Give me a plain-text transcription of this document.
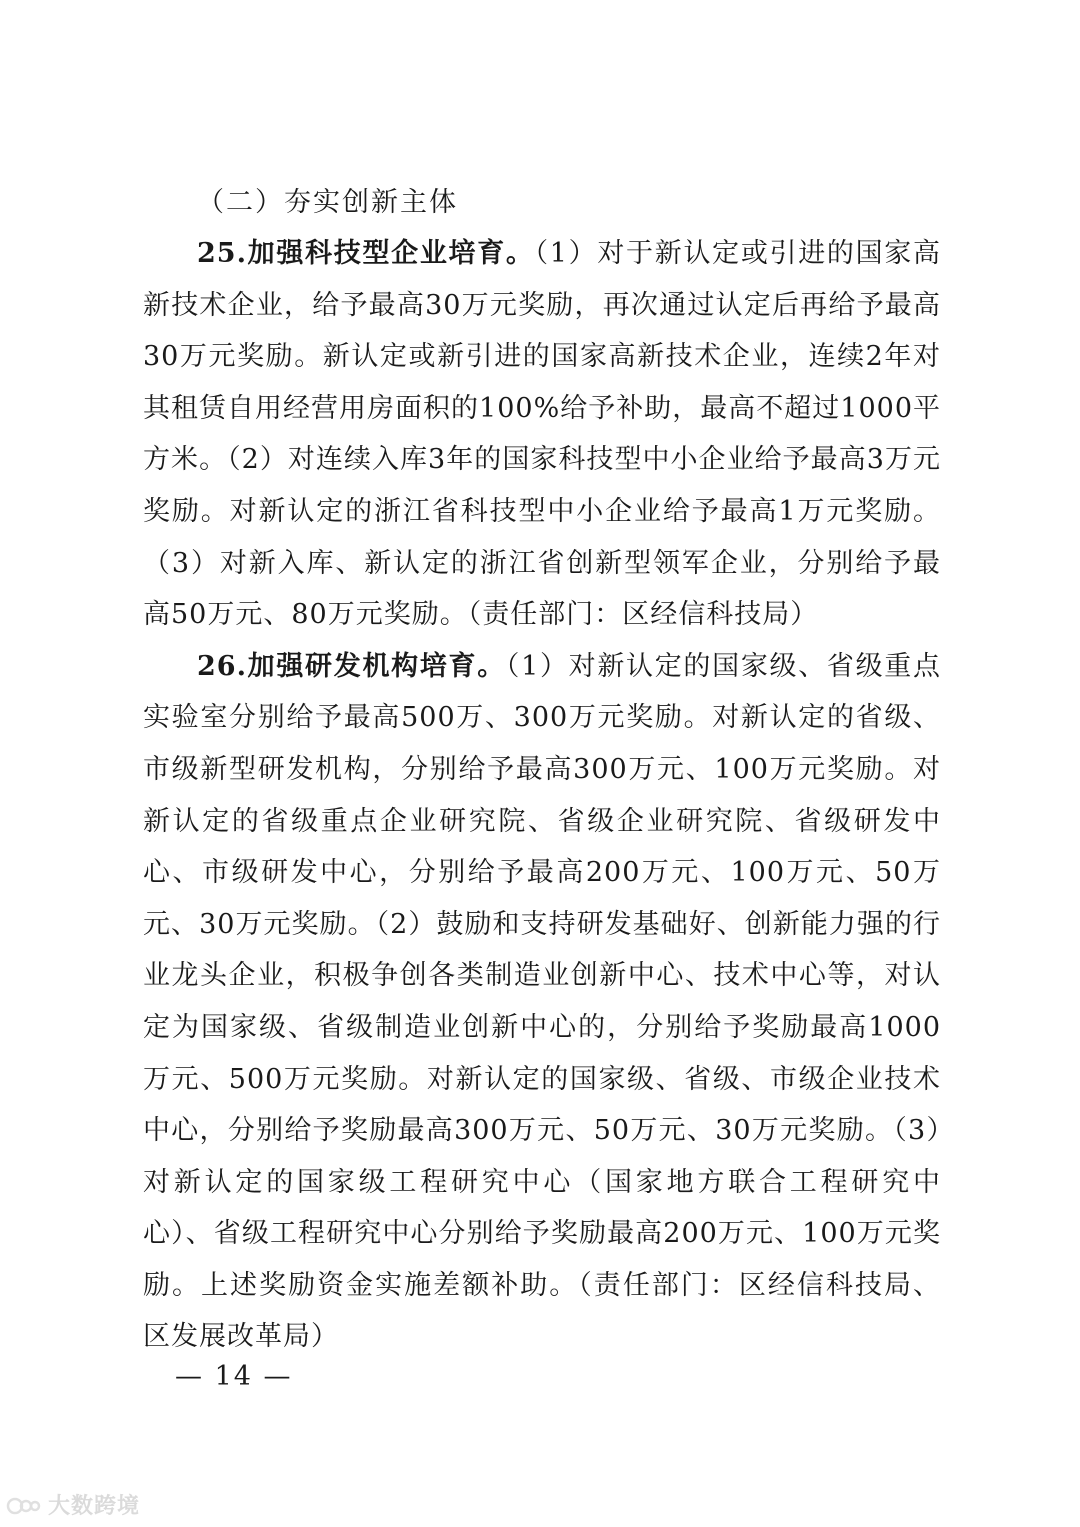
（二）夯实创新主体

25.加强科技型企业培育。（1）对于新认定或引进的国家高新技术企业，给予最高30万元奖励，再次通过认定后再给予最高30万元奖励。新认定或新引进的国家高新技术企业，连续2年对其租赁自用经营用房面积的100%给予补助，最高不超过1000平方米。（2）对连续入库3年的国家科技型中小企业给予最高3万元奖励。对新认定的浙江省科技型中小企业给予最高1万元奖励。（3）对新入库、新认定的浙江省创新型领军企业，分别给予最高50万元、80万元奖励。（责任部门：区经信科技局）

26.加强研发机构培育。（1）对新认定的国家级、省级重点实验室分别给予最高500万、300万元奖励。对新认定的省级、市级新型研发机构，分别给予最高300万元、100万元奖励。对新认定的省级重点企业研究院、省级企业研究院、省级研发中心、市级研发中心，分别给予最高200万元、100万元、50万元、30万元奖励。（2）鼓励和支持研发基础好、创新能力强的行业龙头企业，积极争创各类制造业创新中心、技术中心等，对认定为国家级、省级制造业创新中心的，分别给予奖励最高1000万元、500万元奖励。对新认定的国家级、省级、市级企业技术中心，分别给予奖励最高300万元、50万元、30万元奖励。（3）对新认定的国家级工程研究中心（国家地方联合工程研究中心）、省级工程研究中心分别给予奖励最高200万元、100万元奖励。上述奖励资金实施差额补助。（责任部门：区经信科技局、区发展改革局）

— 14 —
大数跨境
